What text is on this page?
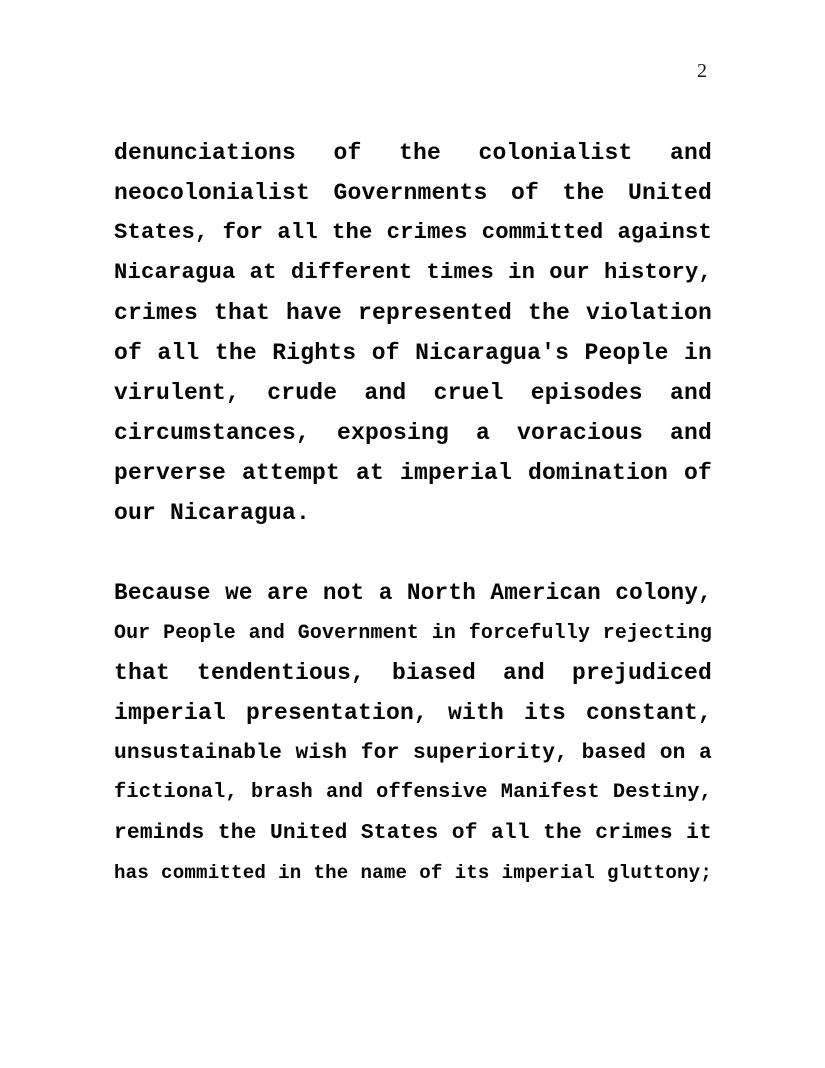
2
denunciations of the colonialist and
neocolonialist Governments of the United
States, for all the crimes committed against
Nicaragua at different times in our history,
crimes that have represented the violation
of all the Rights of Nicaragua's People in
virulent, crude and cruel episodes and
circumstances, exposing a voracious and
perverse attempt at imperial domination of
our Nicaragua.
Because we are not a North American colony,
Our People and Government in forcefully rejecting
that tendentious, biased and prejudiced
imperial presentation, with its constant,
unsustainable wish for superiority, based on a
fictional, brash and offensive Manifest Destiny,
reminds the United States of all the crimes it
has committed in the name of its imperial gluttony;
